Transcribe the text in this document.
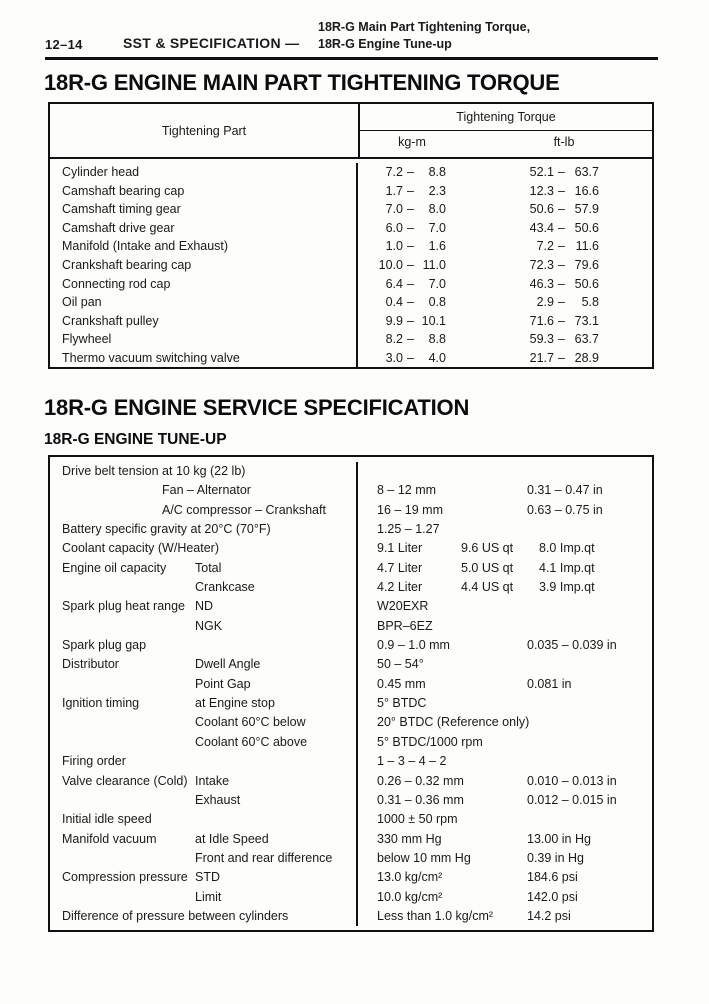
18R-G Main Part Tightening Torque,
12–14	SST & SPECIFICATION — 18R-G Engine Tune-up
18R-G ENGINE MAIN PART TIGHTENING TORQUE
Tightening Part
Tightening Torque
kg-m	ft-lb
Cylinder head	7.2 – 8.8	52.1 – 63.7
Camshaft bearing cap	1.7 – 2.3	12.3 – 16.6
Camshaft timing gear	7.0 – 8.0	50.6 – 57.9
Camshaft drive gear	6.0 – 7.0	43.4 – 50.6
Manifold (Intake and Exhaust)	1.0 – 1.6	7.2 – 11.6
Crankshaft bearing cap	10.0 – 11.0	72.3 – 79.6
Connecting rod cap	6.4 – 7.0	46.3 – 50.6
Oil pan	0.4 – 0.8	2.9 – 5.8
Crankshaft pulley	9.9 – 10.1	71.6 – 73.1
Flywheel	8.2 – 8.8	59.3 – 63.7
Thermo vacuum switching valve	3.0 – 4.0	21.7 – 28.9
18R-G ENGINE SERVICE SPECIFICATION
18R-G ENGINE TUNE-UP
Drive belt tension at 10 kg (22 lb)
Fan – Alternator	8 – 12 mm	0.31 – 0.47 in
A/C compressor – Crankshaft	16 – 19 mm	0.63 – 0.75 in
Battery specific gravity at 20°C (70°F)	1.25 – 1.27
Coolant capacity (W/Heater)	9.1 Liter	9.6 US qt 8.0 Imp.qt
Engine oil capacity Total	4.7 Liter	5.0 US qt 4.1 Imp.qt
Crankcase	4.2 Liter	4.4 US qt 3.9 Imp.qt
Spark plug heat range ND	W20EXR
NGK	BPR–6EZ
Spark plug gap	0.9 – 1.0 mm	0.035 – 0.039 in
Distributor	Dwell Angle	50 – 54°
Point Gap	0.45 mm	0.081 in
Ignition timing	at Engine stop	5° BTDC
Coolant 60°C below	20° BTDC (Reference only)
Coolant 60°C above	5° BTDC/1000 rpm
Firing order	1 – 3 – 4 – 2
Valve clearance (Cold) Intake	0.26 – 0.32 mm	0.010 – 0.013 in
Exhaust	0.31 – 0.36 mm	0.012 – 0.015 in
Initial idle speed	1000 ± 50 rpm
Manifold vacuum	at Idle Speed	330 mm Hg	13.00 in Hg
Front and rear difference	below 10 mm Hg	0.39 in Hg
Compression pressure STD	13.0 kg/cm²	184.6 psi
Limit	10.0 kg/cm²	142.0 psi
Difference of pressure between cylinders	Less than 1.0 kg/cm²	14.2 psi
